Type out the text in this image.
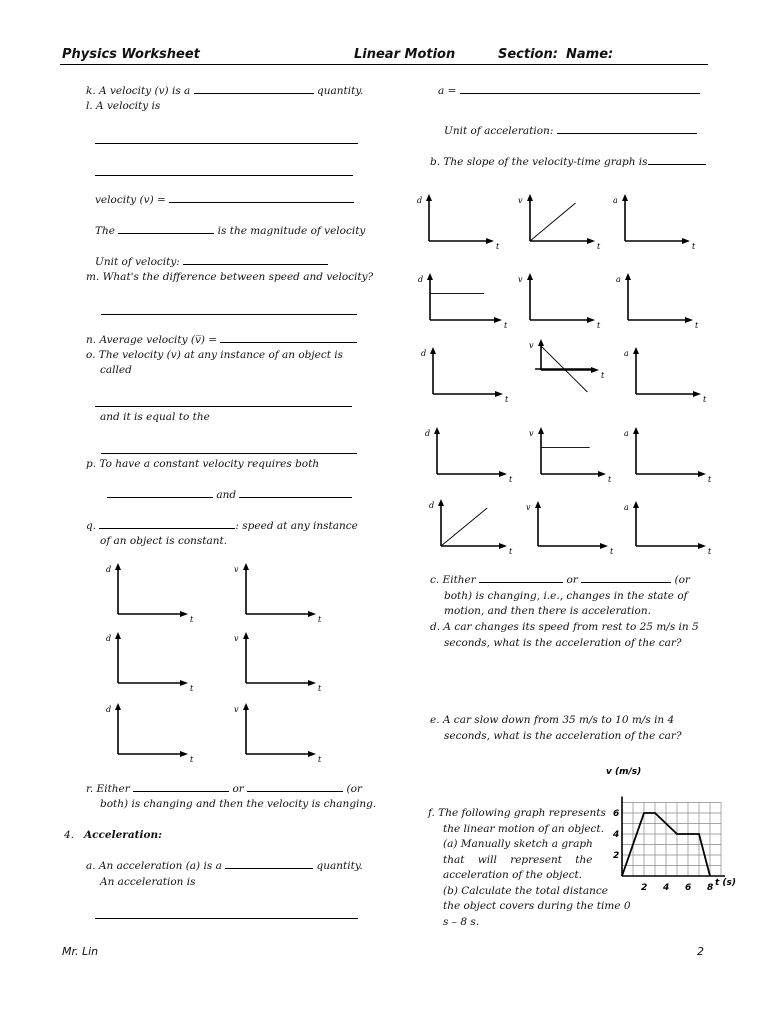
Physics Worksheet	Linear Motion	Section: Name:
k. A velocity (v) is a	quantity.
l. A velocity is
velocity (v) =
The	is the magnitude of velocity
Unit of velocity:
m. What's the difference between speed and velocity?
n. Average velocity (v̅) =
o. The velocity (v) at any instance of an object is
called
and it is equal to the
p. To have a constant velocity requires both
and
q.	: speed at any instance
of an object is constant.
r. Either	or	(or
both) is changing and then the velocity is changing.
4. Acceleration:
a. An acceleration (a) is a	quantity.
An acceleration is
a =
Unit of acceleration:
b. The slope of the velocity-time graph is
c. Either	or	(or
both) is changing, i.e., changes in the state of
motion, and then there is acceleration.
d. A car changes its speed from rest to 25 m/s in 5
seconds, what is the acceleration of the car?
e. A car slow down from 35 m/s to 10 m/s in 4
seconds, what is the acceleration of the car?
f. The following graph represents
the linear motion of an object.
(a) Manually sketch a graph
that will represent the
acceleration of the object.
(b) Calculate the total distance
the object covers during the time 0
s – 8 s.
v (m/s)
t (s)
2 4 6 8
2
4
6
Mr. Lin	2
d
t
v
t
d
t
v
t
d
t
v
t
d
t
v
t
a
t
d
t
v
t
a
t
d
t
v
t
a
t
d
t
v
t
a
t
d
t
v
t
a
t
